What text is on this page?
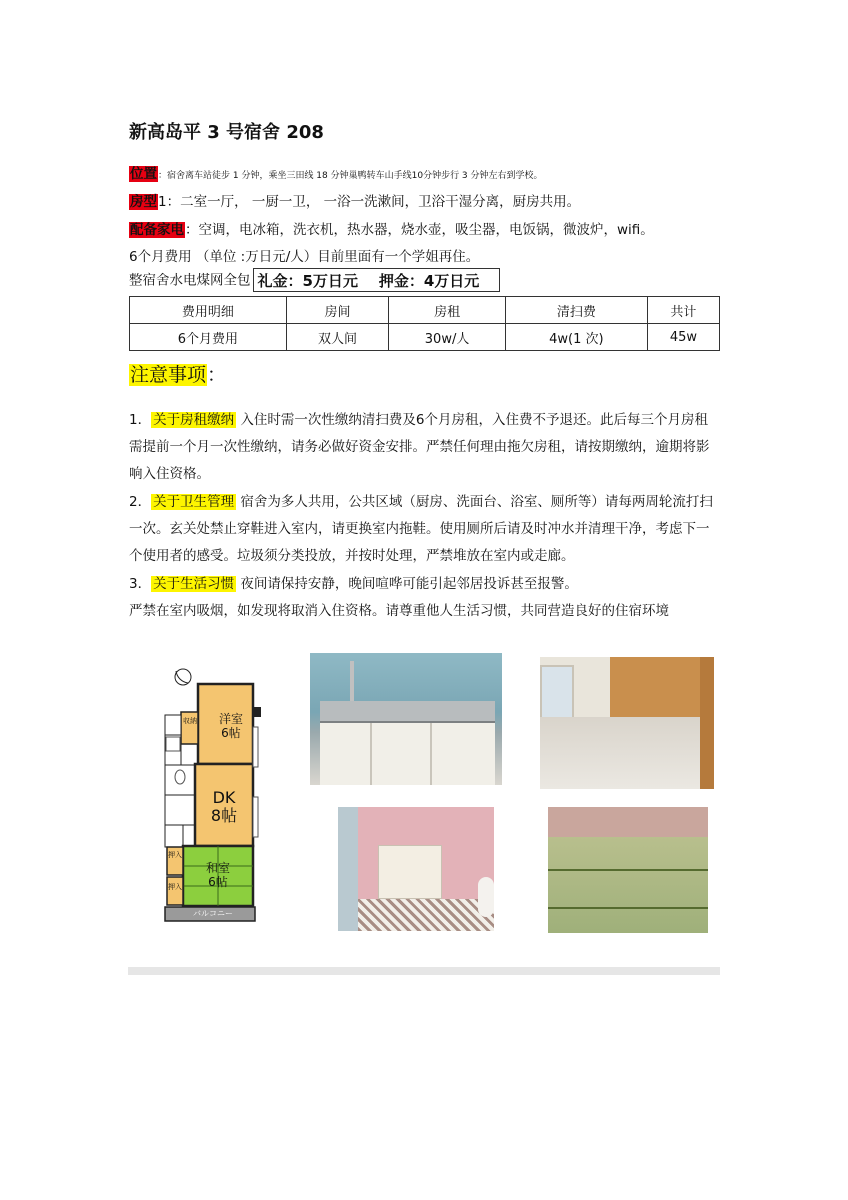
新高岛平 3 号宿舍 208
位置：宿舍离车站徒步 1 分钟，乘坐三田线 18 分钟巢鸭转车山手线10分钟步行 3 分钟左右到学校。
房型1：二室一厅， 一厨一卫， 一浴一洗漱间，卫浴干湿分离，厨房共用。
配备家电：空调，电冰箱，洗衣机，热水器，烧水壶，吸尘器，电饭锅，微波炉，wifi。
6个月费用 （单位 :万日元/人）目前里面有一个学姐再住。
整宿舍水电煤网全包 礼金：5万日元 押金：4万日元
费用明细	房间	房租	清扫费	共计
6个月费用	双人间	30w/人	4w(1 次)	45w
注意事项：
1． 关于房租缴纳 入住时需一次性缴纳清扫费及6个月房租，入住费不予退还。此后每三个月房租需提前一个月一次性缴纳，请务必做好资金安排。严禁任何理由拖欠房租，请按期缴纳，逾期将影响入住资格。
2． 关于卫生管理 宿舍为多人共用，公共区域（厨房、洗面台、浴室、厕所等）请每两周轮流打扫一次。玄关处禁止穿鞋进入室内，请更换室内拖鞋。使用厕所后请及时冲水并清理干净，考虑下一个使用者的感受。垃圾须分类投放，并按时处理，严禁堆放在室内或走廊。
3． 关于生活习惯 夜间请保持安静，晚间喧哗可能引起邻居投诉甚至报警。
严禁在室内吸烟，如发现将取消入住资格。请尊重他人生活习惯，共同营造良好的住宿环境
洋室
6帖
収納
DK
8帖
和室
6帖
押入
押入
バルコニー
